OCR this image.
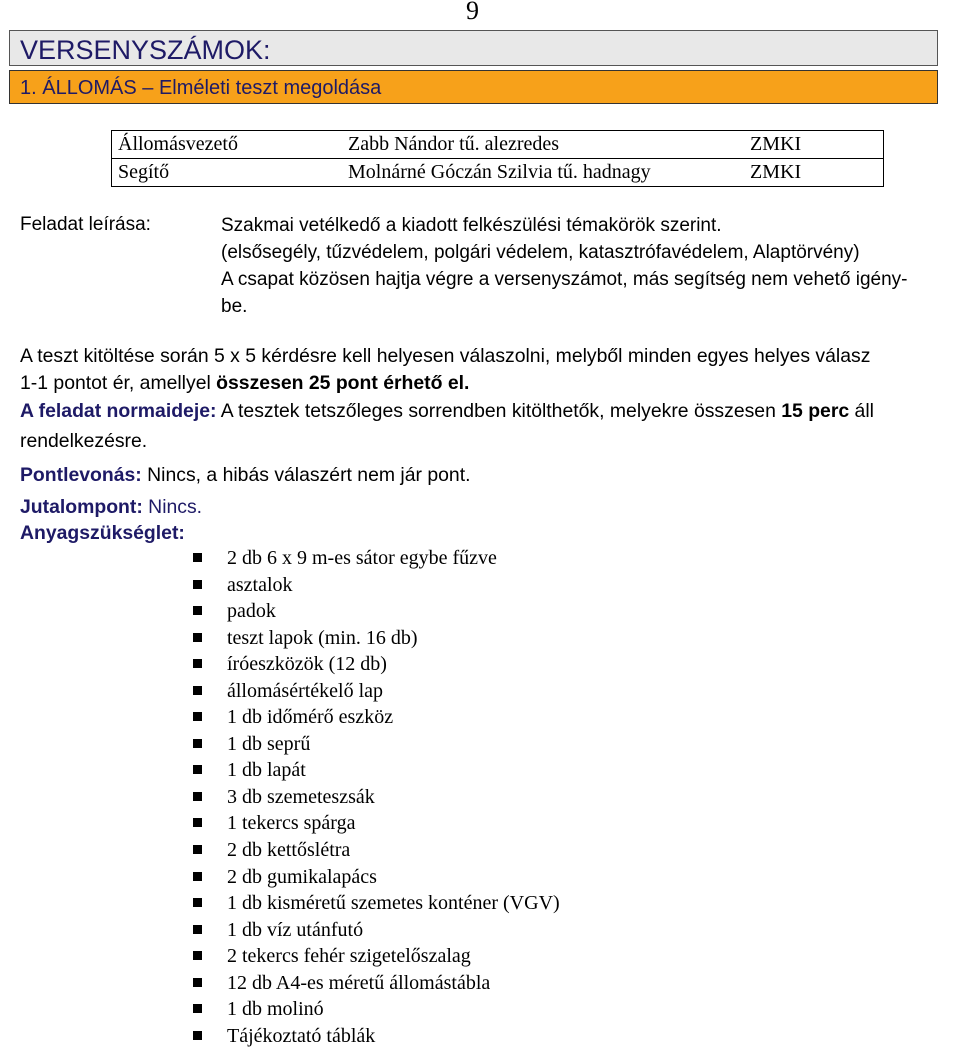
9
VERSENYSZÁMOK:
1. ÁLLOMÁS – Elméleti teszt megoldása
Állomásvezető	Zabb Nándor tű. alezredes	ZMKI
Segítő	Molnárné Góczán Szilvia tű. hadnagy	ZMKI
Feladat leírása:	Szakmai vetélkedő a kiadott felkészülési témakörök szerint.
(elsősegély, tűzvédelem, polgári védelem, katasztrófavédelem, Alaptörvény)
A csapat közösen hajtja végre a versenyszámot, más segítség nem vehető igény-
be.
A teszt kitöltése során 5 x 5 kérdésre kell helyesen válaszolni, melyből minden egyes helyes válasz
1-1 pontot ér, amellyel összesen 25 pont érhető el.
A feladat normaideje: A tesztek tetszőleges sorrendben kitölthetők, melyekre összesen 15 perc áll
rendelkezésre.
Pontlevonás: Nincs, a hibás válaszért nem jár pont.
Jutalompont: Nincs.
Anyagszükséglet:
2 db 6 x 9 m-es sátor egybe fűzve
asztalok
padok
teszt lapok (min. 16 db)
íróeszközök (12 db)
állomásértékelő lap
1 db időmérő eszköz
1 db seprű
1 db lapát
3 db szemeteszsák
1 tekercs spárga
2 db kettőslétra
2 db gumikalapács
1 db kisméretű szemetes konténer (VGV)
1 db víz utánfutó
2 tekercs fehér szigetelőszalag
12 db A4-es méretű állomástábla
1 db molinó
Tájékoztató táblák
